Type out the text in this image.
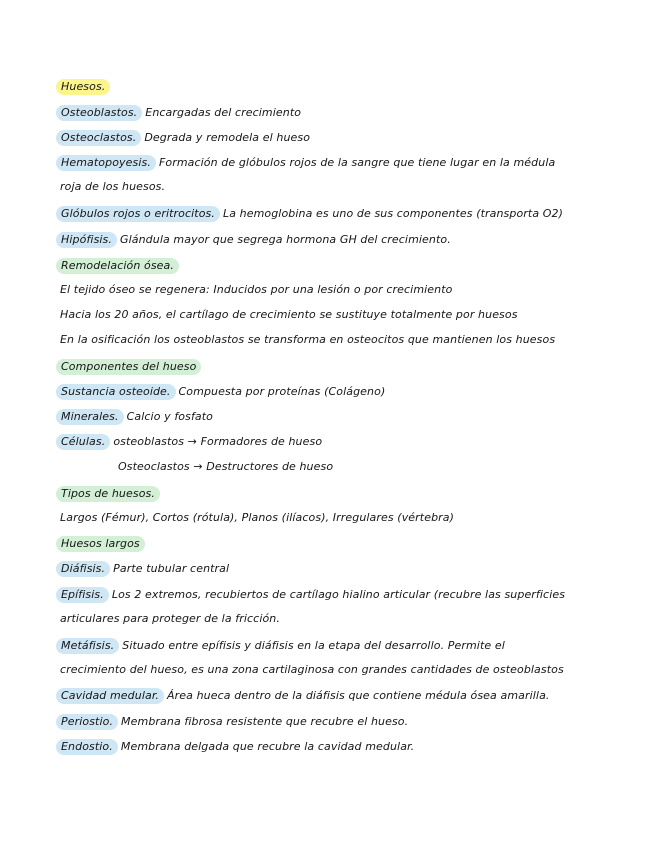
Huesos.
Osteoblastos. Encargadas del crecimiento
Osteoclastos. Degrada y remodela el hueso
Hematopoyesis. Formación de glóbulos rojos de la sangre que tiene lugar en la médula
roja de los huesos.
Glóbulos rojos o eritrocitos. La hemoglobina es uno de sus componentes (transporta O2)
Hipófisis. Glándula mayor que segrega hormona GH del crecimiento.
Remodelación ósea.
El tejido óseo se regenera: Inducidos por una lesión o por crecimiento
Hacia los 20 años, el cartílago de crecimiento se sustituye totalmente por huesos
En la osificación los osteoblastos se transforma en osteocitos que mantienen los huesos
Componentes del hueso
Sustancia osteoide. Compuesta por proteínas (Colágeno)
Minerales. Calcio y fosfato
Células. osteoblastos → Formadores de hueso
Osteoclastos → Destructores de hueso
Tipos de huesos.
Largos (Fémur), Cortos (rótula), Planos (ilíacos), Irregulares (vértebra)
Huesos largos
Diáfisis. Parte tubular central
Epífisis. Los 2 extremos, recubiertos de cartílago hialino articular (recubre las superficies
articulares para proteger de la fricción.
Metáfisis. Situado entre epífisis y diáfisis en la etapa del desarrollo. Permite el
crecimiento del hueso, es una zona cartilaginosa con grandes cantidades de osteoblastos
Cavidad medular. Área hueca dentro de la diáfisis que contiene médula ósea amarilla.
Periostio. Membrana fibrosa resistente que recubre el hueso.
Endostio. Membrana delgada que recubre la cavidad medular.
